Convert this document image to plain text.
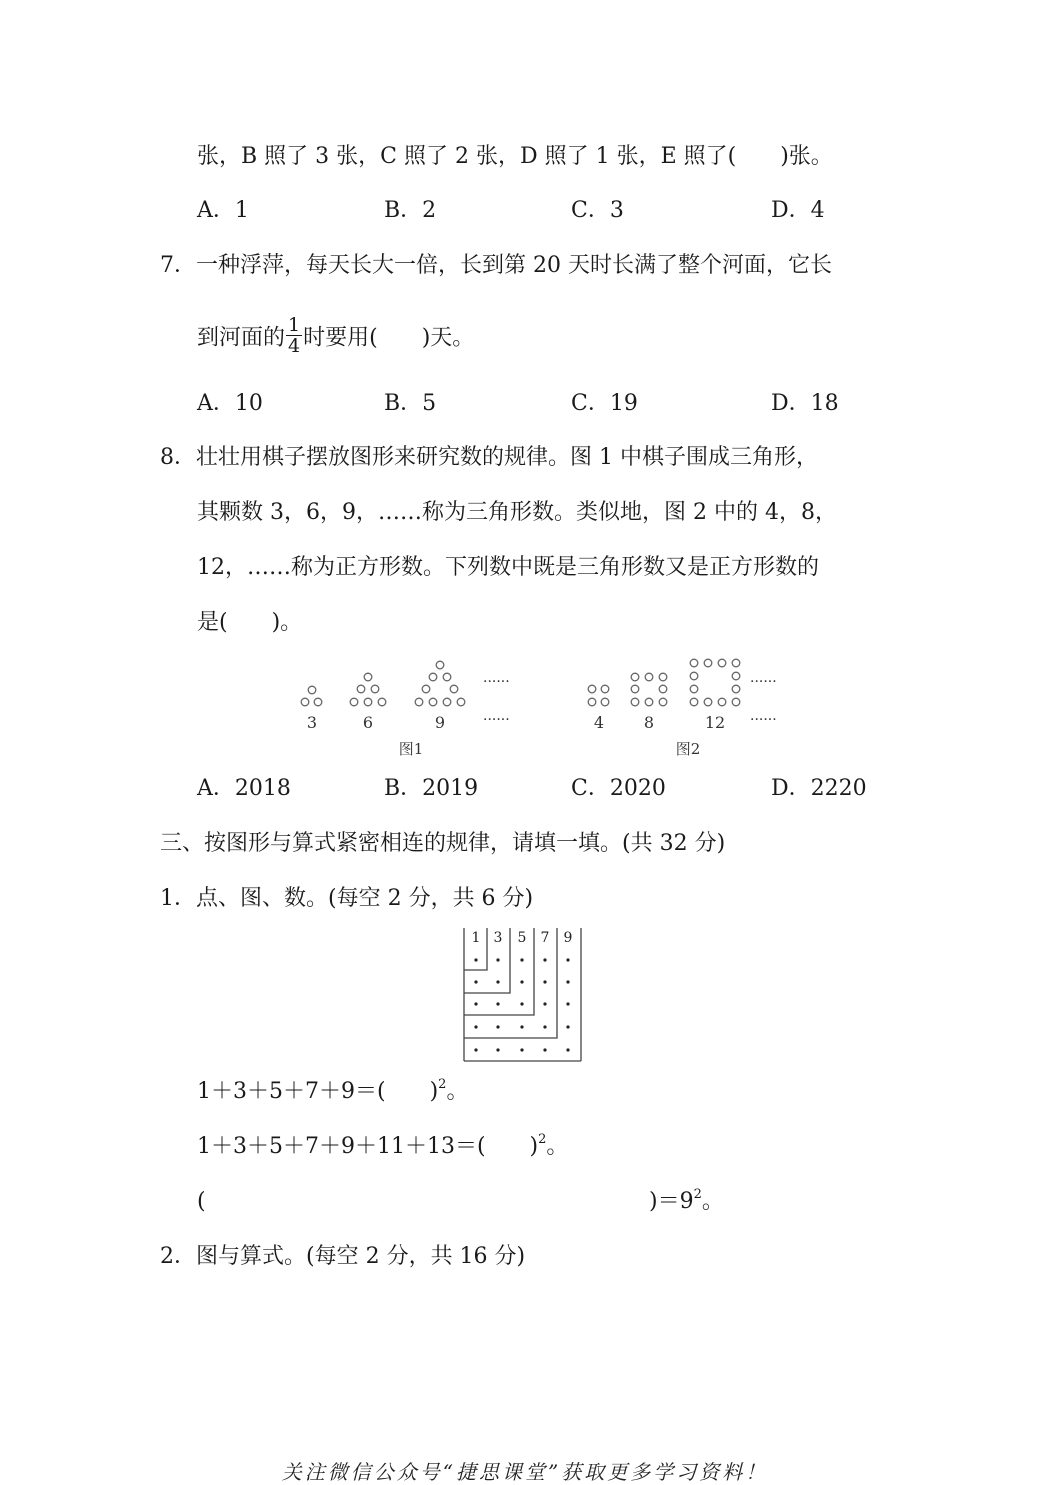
张，B 照了 3 张，C 照了 2 张，D 照了 1 张，E 照了(　　)张。
A．1	B．2	C．3	D．4
7．一种浮萍，每天长大一倍，长到第 20 天时长满了整个河面，它长
到河面的 $\frac{1}{4}$ 时要用(　　)天。
A．10	B．5	C．19	D．18
8．壮壮用棋子摆放图形来研究数的规律。图 1 中棋子围成三角形，
其颗数 3，6，9，……称为三角形数。类似地，图 2 中的 4，8，
12，……称为正方形数。下列数中既是三角形数又是正方形数的
是(　　)。
3	6	9
图1
4 8	12
图2
······
······
······
······
A．2018	B．2019	C．2020	D．2220
三、按图形与算式紧密相连的规律，请填一填。(共 32 分)
1．点、图、数。(每空 2 分，共 6 分)
1 3 5 7 9
1＋3＋5＋7＋9＝(　　)$^2$。
1＋3＋5＋7＋9＋11＋13＝(　　)$^2$。
(	)$=9^2$。
2．图与算式。(每空 2 分，共 16 分)
关注微信公众号“捷思课堂”获取更多学习资料！
